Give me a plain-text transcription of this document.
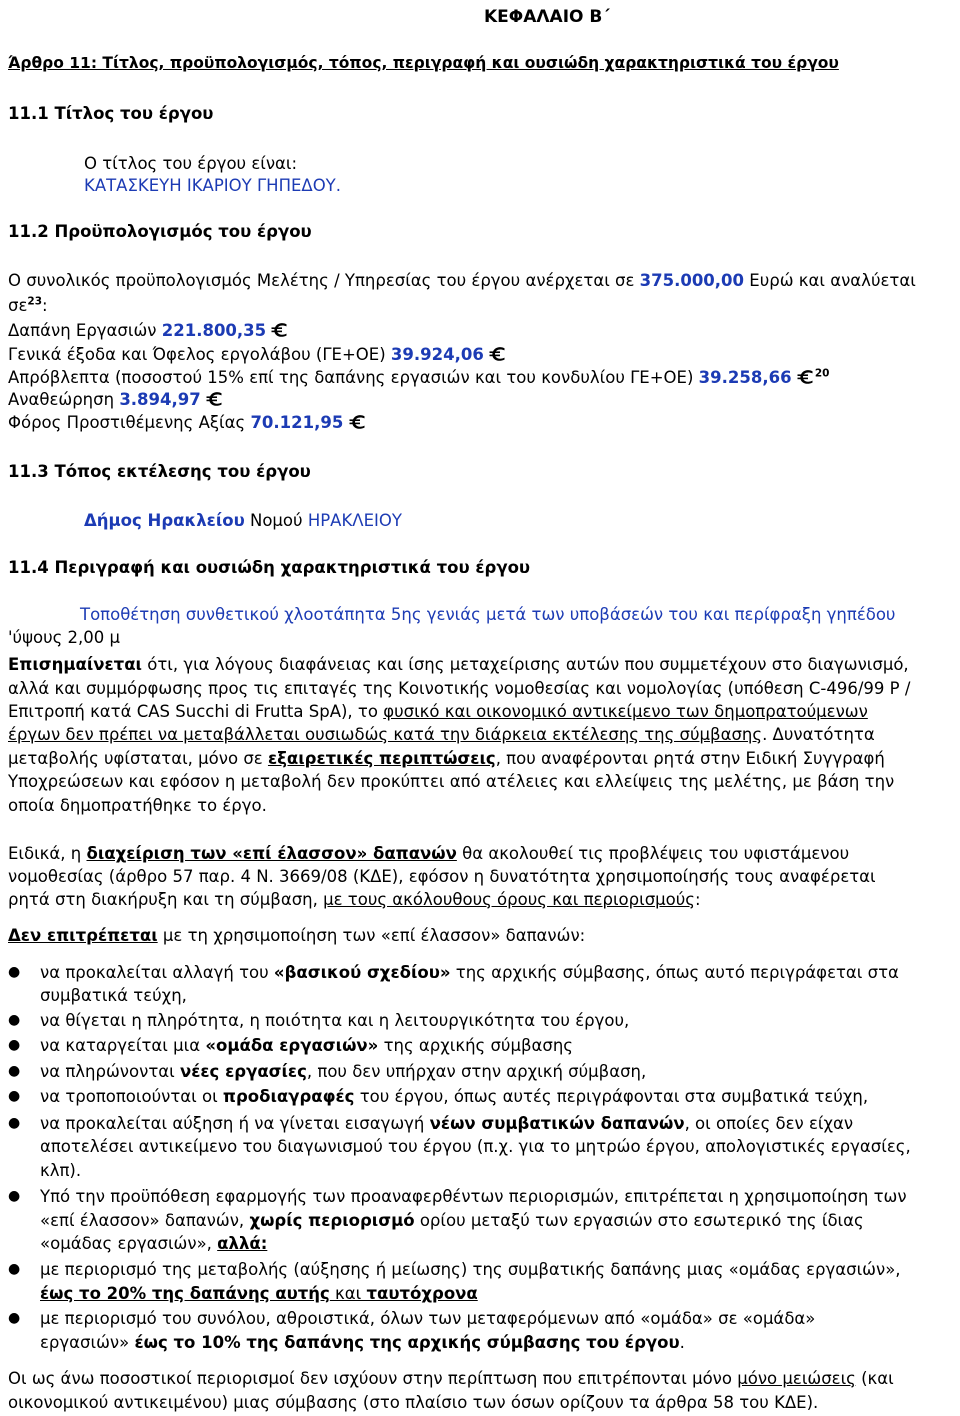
ΚΕΦΑΛΑΙΟ Β΄
Άρθρο 11: Τίτλος, προϋπολογισμός, τόπος, περιγραφή και ουσιώδη χαρακτηριστικά του έργου
11.1 Τίτλος του έργου
Ο τίτλος του έργου είναι:
ΚΑΤΑΣΚΕΥΗ ΙΚΑΡΙΟΥ ΓΗΠΕΔΟΥ.
11.2 Προϋπολογισμός του έργου
Ο συνολικός προϋπολογισμός Μελέτης / Υπηρεσίας του έργου ανέρχεται σε 375.000,00 Ευρώ και αναλύεται
$\sigma\varepsilon^{23}$:
Δαπάνη Εργασιών 221.800,35
Γενικά έξοδα και Όφελος εργολάβου (ΓΕ+ΟΕ) 39.924,06
Απρόβλεπτα (ποσοστού 15% επί της δαπάνης εργασιών και του κονδυλίου ΓΕ+ΟΕ) 39.258,66 $^{20}$
Αναθεώρηση 3.894,97
Φόρος Προστιθέμενης Αξίας 70.121,95
11.3 Τόπος εκτέλεσης του έργου
Δήμος Ηρακλείου Νομού ΗΡΑΚΛΕΙΟΥ
11.4 Περιγραφή και ουσιώδη χαρακτηριστικά του έργου
Τοποθέτηση συνθετικού χλοοτάπητα 5ης γενιάς μετά των υποβάσεών του και περίφραξη γηπέδου
'ύψους 2,00 μ
Επισημαίνεται ότι, για λόγους διαφάνειας και ίσης μεταχείρισης αυτών που συμμετέχουν στο διαγωνισμό,
αλλά και συμμόρφωσης προς τις επιταγές της Κοινοτικής νομοθεσίας και νομολογίας (υπόθεση C-496/99 P /
Επιτροπή κατά CAS Succhi di Frutta SpA), το φυσικό και οικονομικό αντικείμενο των δημοπρατούμενων
έργων δεν πρέπει να μεταβάλλεται ουσιωδώς κατά την διάρκεια εκτέλεσης της σύμβασης. Δυνατότητα
μεταβολής υφίσταται, μόνο σε εξαιρετικές περιπτώσεις, που αναφέρονται ρητά στην Ειδική Συγγραφή
Υποχρεώσεων και εφόσον η μεταβολή δεν προκύπτει από ατέλειες και ελλείψεις της μελέτης, με βάση την
οποία δημοπρατήθηκε το έργο.
Ειδικά, η διαχείριση των «επί έλασσον» δαπανών θα ακολουθεί τις προβλέψεις του υφιστάμενου
νομοθεσίας (άρθρο 57 παρ. 4 Ν. 3669/08 (ΚΔΕ), εφόσον η δυνατότητα χρησιμοποίησής τους αναφέρεται
ρητά στη διακήρυξη και τη σύμβαση, με τους ακόλουθους όρους και περιορισμούς:
Δεν επιτρέπεται με τη χρησιμοποίηση των «επί έλασσον» δαπανών:
● να προκαλείται αλλαγή του «βασικού σχεδίου» της αρχικής σύμβασης, όπως αυτό περιγράφεται στα
συμβατικά τεύχη,
● να θίγεται η πληρότητα, η ποιότητα και η λειτουργικότητα του έργου,
● να καταργείται μια «ομάδα εργασιών» της αρχικής σύμβασης
● να πληρώνονται νέες εργασίες, που δεν υπήρχαν στην αρχική σύμβαση,
● να τροποποιούνται οι προδιαγραφές του έργου, όπως αυτές περιγράφονται στα συμβατικά τεύχη,
● να προκαλείται αύξηση ή να γίνεται εισαγωγή νέων συμβατικών δαπανών, οι οποίες δεν είχαν
αποτελέσει αντικείμενο του διαγωνισμού του έργου (π.χ. για το μητρώο έργου, απολογιστικές εργασίες,
κλπ).
● Υπό την προϋπόθεση εφαρμογής των προαναφερθέντων περιορισμών, επιτρέπεται η χρησιμοποίηση των
«επί έλασσον» δαπανών, χωρίς περιορισμό ορίου μεταξύ των εργασιών στο εσωτερικό της ίδιας
«ομάδας εργασιών», αλλά:
● με περιορισμό της μεταβολής (αύξησης ή μείωσης) της συμβατικής δαπάνης μιας «ομάδας εργασιών»,
έως το 20% της δαπάνης αυτής και ταυτόχρονα
● με περιορισμό του συνόλου, αθροιστικά, όλων των μεταφερόμενων από «ομάδα» σε «ομάδα»
εργασιών» έως το 10% της δαπάνης της αρχικής σύμβασης του έργου.
Οι ως άνω ποσοστικοί περιορισμοί δεν ισχύουν στην περίπτωση που επιτρέπονται μόνο μόνο μειώσεις (και
οικονομικού αντικειμένου) μιας σύμβασης (στο πλαίσιο των όσων ορίζουν τα άρθρα 58 του ΚΔΕ).
